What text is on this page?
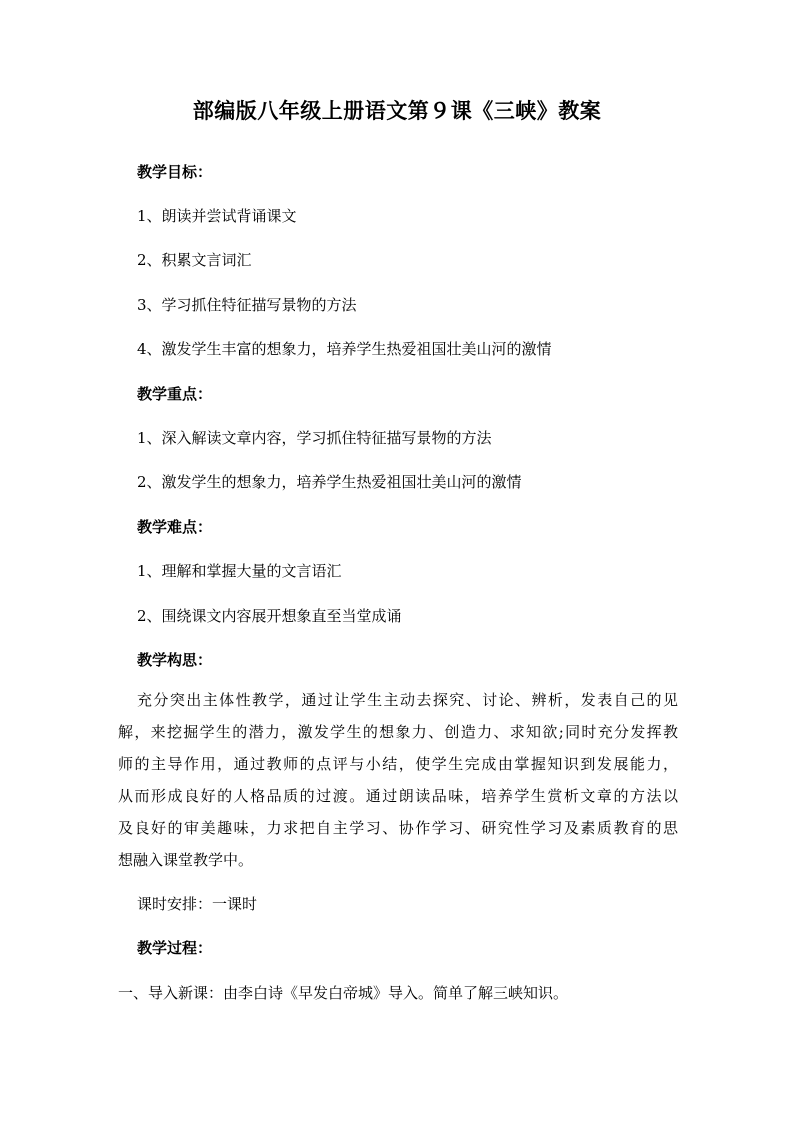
部编版八年级上册语文第９课《三峡》教案
教学目标：
1、朗读并尝试背诵课文
2、积累文言词汇
3、学习抓住特征描写景物的方法
4、激发学生丰富的想象力，培养学生热爱祖国壮美山河的激情
教学重点：
1、深入解读文章内容，学习抓住特征描写景物的方法
2、激发学生的想象力，培养学生热爱祖国壮美山河的激情
教学难点：
1、理解和掌握大量的文言语汇
2、围绕课文内容展开想象直至当堂成诵
教学构思：
充分突出主体性教学，通过让学生主动去探究、讨论、辨析，发表自己的见
解，来挖掘学生的潜力，激发学生的想象力、创造力、求知欲;同时充分发挥教
师的主导作用，通过教师的点评与小结，使学生完成由掌握知识到发展能力，
从而形成良好的人格品质的过渡。通过朗读品味，培养学生赏析文章的方法以
及良好的审美趣味，力求把自主学习、协作学习、研究性学习及素质教育的思
想融入课堂教学中。
课时安排：一课时
教学过程：
一、导入新课：由李白诗《早发白帝城》导入。简单了解三峡知识。
